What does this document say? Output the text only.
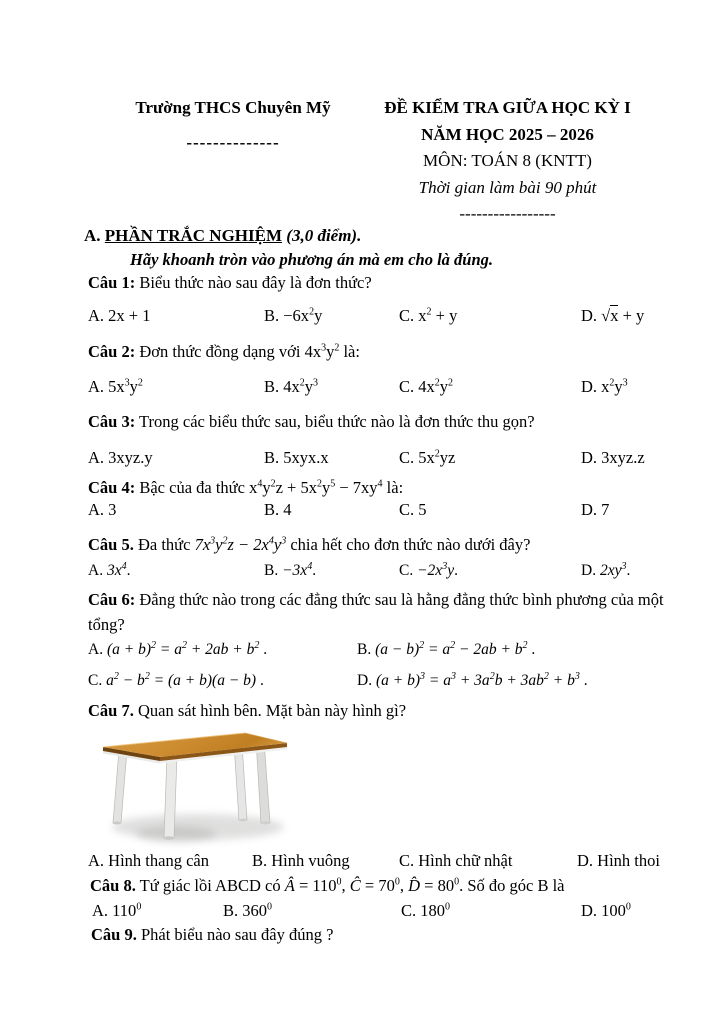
Trường THCS Chuyên Mỹ
--------------
ĐỀ KIỂM TRA GIỮA HỌC KỲ I
NĂM HỌC 2025 – 2026
MÔN: TOÁN 8 (KNTT)
Thời gian làm bài 90 phút
-----------------
A. PHẦN TRẮC NGHIỆM (3,0 điểm).
Hãy khoanh tròn vào phương án mà em cho là đúng.
Câu 1: Biểu thức nào sau đây là đơn thức?
A. 2x + 1	B. $-6x^2y$	C. $x^2 + y$	D. √x + y
Câu 2: Đơn thức đồng dạng với $4x^3y^2$ là:
A. $5x^3y^2$	B. $4x^2y^3$	C. $4x^2y^2$	D. $x^2y^3$
Câu 3: Trong các biểu thức sau, biểu thức nào là đơn thức thu gọn?
A. 3xyz.y	B. 5xyx.x	C. $5x^2yz$	D. 3xyz.z
Câu 4: Bậc của đa thức $x^4y^2z + 5x^2y^5 - 7xy^4$ là:
A. 3	B. 4	C. 5	D. 7
Câu 5. Đa thức $7x^3y^2z - 2x^4y^3$ chia hết cho đơn thức nào dưới đây?
A. $3x^4$.	B. $-3x^4$.	C. $-2x^3y$.	D. $2xy^3$.
Câu 6: Đẳng thức nào trong các đẳng thức sau là hằng đẳng thức bình phương của một tổng?
A. $(a + b)^2 = a^2 + 2ab + b^2$ .	B. $(a - b)^2 = a^2 - 2ab + b^2$ .
C. $a^2 - b^2 = (a + b)(a - b)$ .	D. $(a + b)^3 = a^3 + 3a^2b + 3ab^2 + b^3$ .
Câu 7. Quan sát hình bên. Mặt bàn này hình gì?
A. Hình thang cân	B. Hình vuông	C. Hình chữ nhật	D. Hình thoi
Câu 8. Tứ giác lồi ABCD có Â = $110^0$, Ĉ = $70^0$, D̂ = $80^0$. Số đo góc B là
A. $110^0$	B. $360^0$	C. $180^0$	D. $100^0$
Câu 9. Phát biểu nào sau đây đúng ?
